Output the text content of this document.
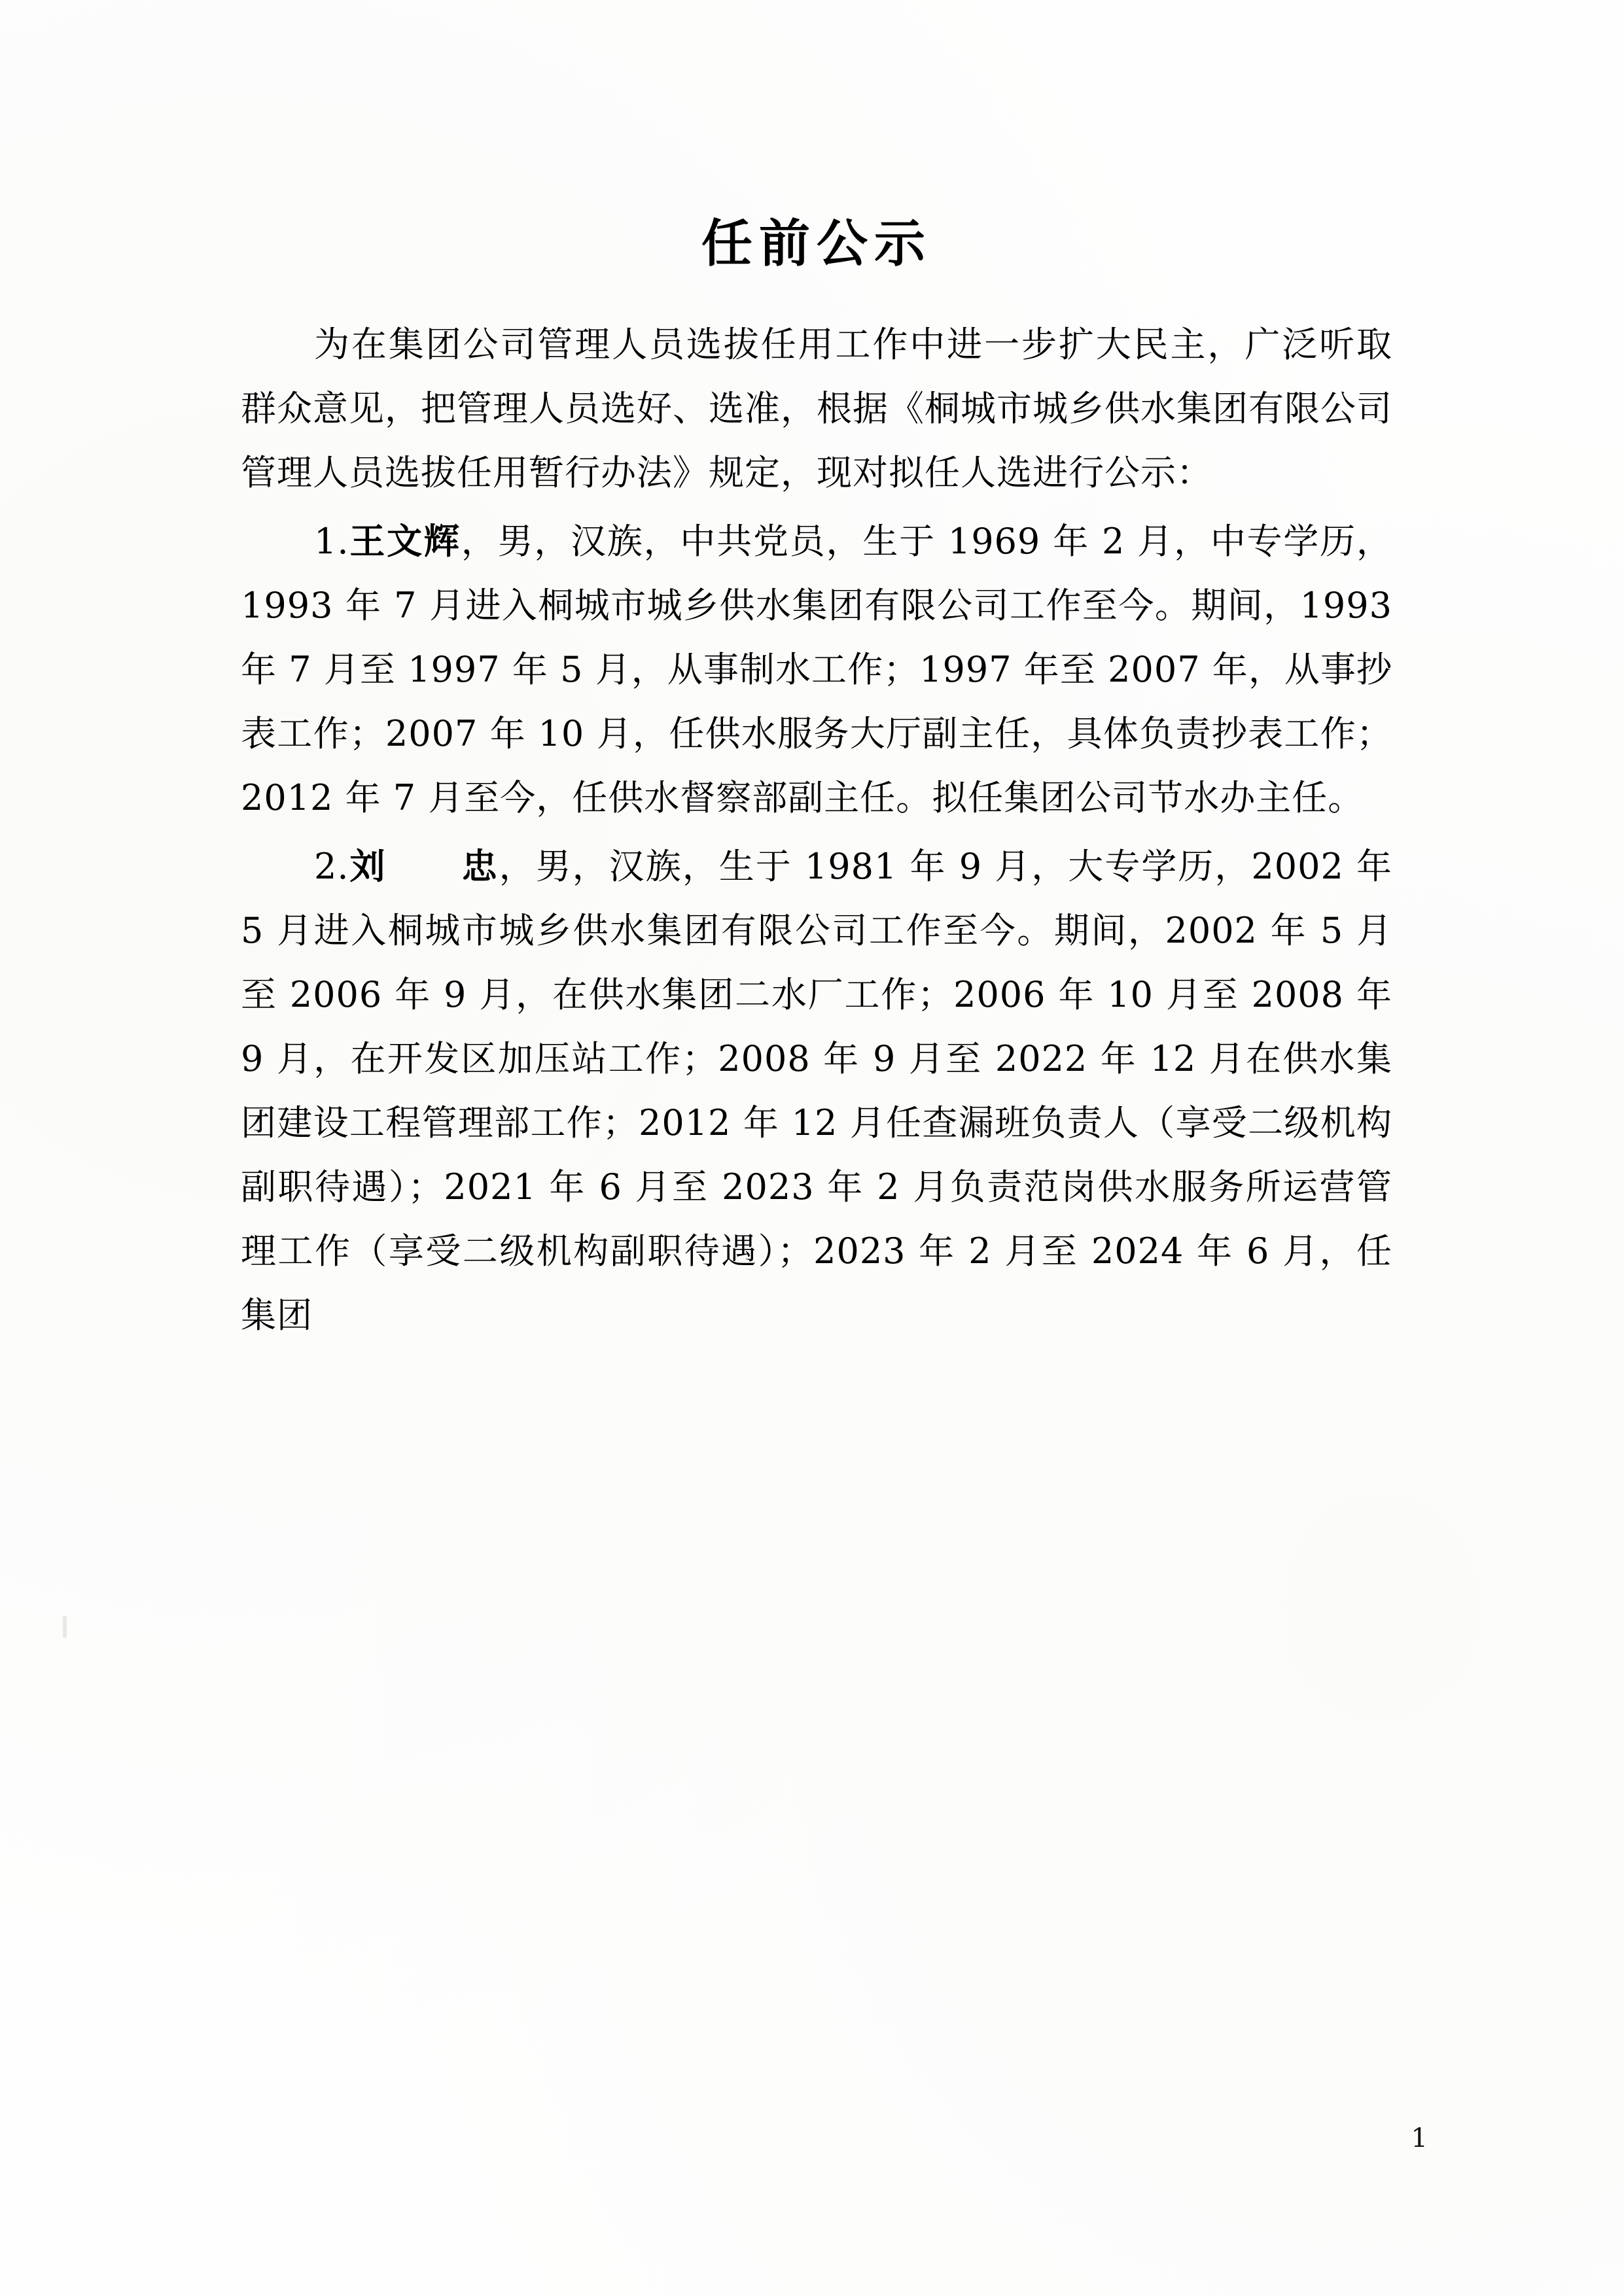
任前公示

为在集团公司管理人员选拔任用工作中进一步扩大民主，广泛听取群众意见，把管理人员选好、选准，根据《桐城市城乡供水集团有限公司管理人员选拔任用暂行办法》规定，现对拟任人选进行公示：

1.王文辉，男，汉族，中共党员，生于 1969 年 2 月，中专学历，1993 年 7 月进入桐城市城乡供水集团有限公司工作至今。期间，1993 年 7 月至 1997 年 5 月，从事制水工作；1997 年至 2007 年，从事抄表工作；2007 年 10 月，任供水服务大厅副主任，具体负责抄表工作；2012 年 7 月至今，任供水督察部副主任。拟任集团公司节水办主任。

2.刘　　忠，男，汉族，生于 1981 年 9 月，大专学历，2002 年 5 月进入桐城市城乡供水集团有限公司工作至今。期间，2002 年 5 月至 2006 年 9 月，在供水集团二水厂工作；2006 年 10 月至 2008 年 9 月，在开发区加压站工作；2008 年 9 月至 2022 年 12 月在供水集团建设工程管理部工作；2012 年 12 月任查漏班负责人（享受二级机构副职待遇）；2021 年 6 月至 2023 年 2 月负责范岗供水服务所运营管理工作（享受二级机构副职待遇）；2023 年 2 月至 2024 年 6 月，任集团

1
